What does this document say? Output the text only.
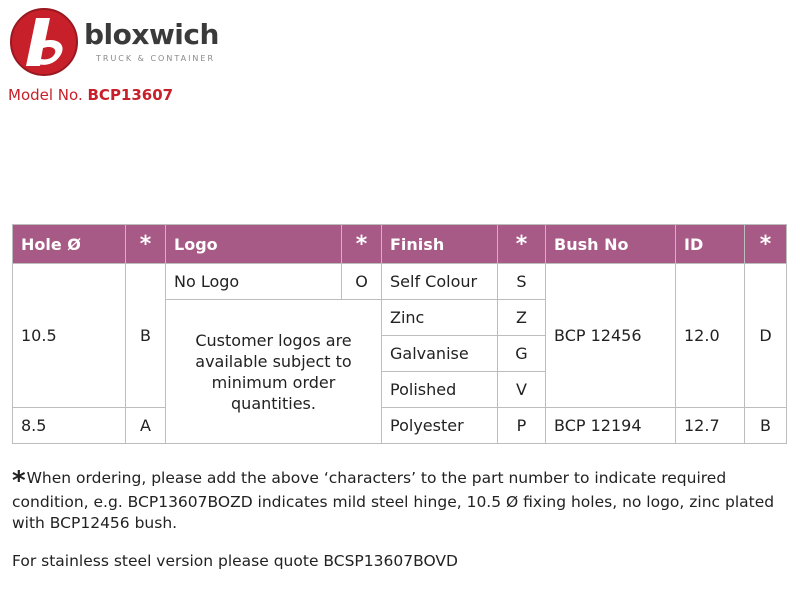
bloxwich
TRUCK & CONTAINER
Model No. BCP13607
Hole Ø	*	Logo	*	Finish	*	Bush No	ID	*
10.5	B	No Logo	O	Self Colour	S	BCP 12456	12.0	D
		Customer logos are available subject to minimum order quantities.		Zinc	Z			
				Galvanise	G			
				Polished	V			
8.5	A			Polyester	P	BCP 12194	12.7	B
*When ordering, please add the above ‘characters’ to the part number to indicate required condition, e.g. BCP13607BOZD indicates mild steel hinge, 10.5 Ø fixing holes, no logo, zinc plated with BCP12456 bush.
For stainless steel version please quote BCSP13607BOVD
